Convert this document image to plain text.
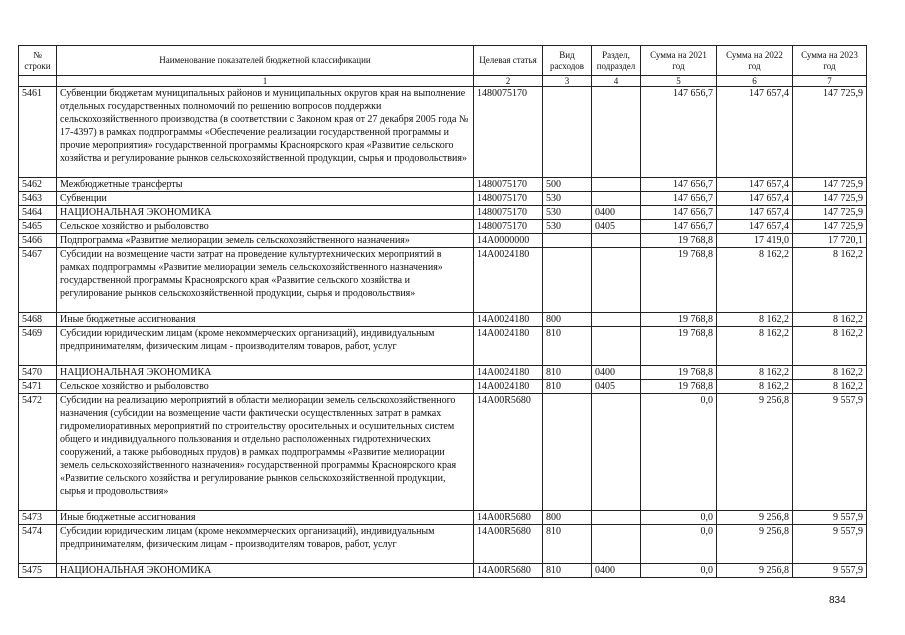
№ строки	Наименование показателей бюджетной классификации	Целевая статья	Вид расходов	Раздел, подраздел	Сумма на 2021 год	Сумма на 2022 год	Сумма на 2023 год
	1	2	3	4	5	6	7
5461	Субвенции бюджетам муниципальных районов и муниципальных округов края на выполнение отдельных государственных полномочий по решению вопросов поддержки сельскохозяйственного производства (в соответствии с Законом края от 27 декабря 2005 года № 17-4397) в рамках подпрограммы «Обеспечение реализации государственной программы и прочие мероприятия» государственной программы Красноярского края «Развитие сельского хозяйства и регулирование рынков сельскохозяйственной продукции, сырья и продовольствия»	1480075170			147 656,7	147 657,4	147 725,9
5462	Межбюджетные трансферты	1480075170	500		147 656,7	147 657,4	147 725,9
5463	Субвенции	1480075170	530		147 656,7	147 657,4	147 725,9
5464	НАЦИОНАЛЬНАЯ ЭКОНОМИКА	1480075170	530	0400	147 656,7	147 657,4	147 725,9
5465	Сельское хозяйство и рыболовство	1480075170	530	0405	147 656,7	147 657,4	147 725,9
5466	Подпрограмма «Развитие мелиорации земель сельскохозяйственного назначения»	14A0000000			19 768,8	17 419,0	17 720,1
5467	Субсидии на возмещение части затрат на проведение культуртехнических мероприятий в рамках подпрограммы «Развитие мелиорации земель сельскохозяйственного назначения» государственной программы Красноярского края «Развитие сельского хозяйства и регулирование рынков сельскохозяйственной продукции, сырья и продовольствия»	14A0024180			19 768,8	8 162,2	8 162,2
5468	Иные бюджетные ассигнования	14A0024180	800		19 768,8	8 162,2	8 162,2
5469	Субсидии юридическим лицам (кроме некоммерческих организаций), индивидуальным предпринимателям, физическим лицам - производителям товаров, работ, услуг	14A0024180	810		19 768,8	8 162,2	8 162,2
5470	НАЦИОНАЛЬНАЯ ЭКОНОМИКА	14A0024180	810	0400	19 768,8	8 162,2	8 162,2
5471	Сельское хозяйство и рыболовство	14A0024180	810	0405	19 768,8	8 162,2	8 162,2
5472	Субсидии на реализацию мероприятий в области мелиорации земель сельскохозяйственного назначения (субсидии на возмещение части фактически осуществленных затрат в рамках гидромелиоративных мероприятий по строительству оросительных и осушительных систем общего и индивидуального пользования и отдельно расположенных гидротехнических сооружений, а также рыбоводных прудов) в рамках подпрограммы «Развитие мелиорации земель сельскохозяйственного назначения» государственной программы Красноярского края «Развитие сельского хозяйства и регулирование рынков сельскохозяйственной продукции, сырья и продовольствия»	14A00R5680			0,0	9 256,8	9 557,9
5473	Иные бюджетные ассигнования	14A00R5680	800		0,0	9 256,8	9 557,9
5474	Субсидии юридическим лицам (кроме некоммерческих организаций), индивидуальным предпринимателям, физическим лицам - производителям товаров, работ, услуг	14A00R5680	810		0,0	9 256,8	9 557,9
5475	НАЦИОНАЛЬНАЯ ЭКОНОМИКА	14A00R5680	810	0400	0,0	9 256,8	9 557,9
834
